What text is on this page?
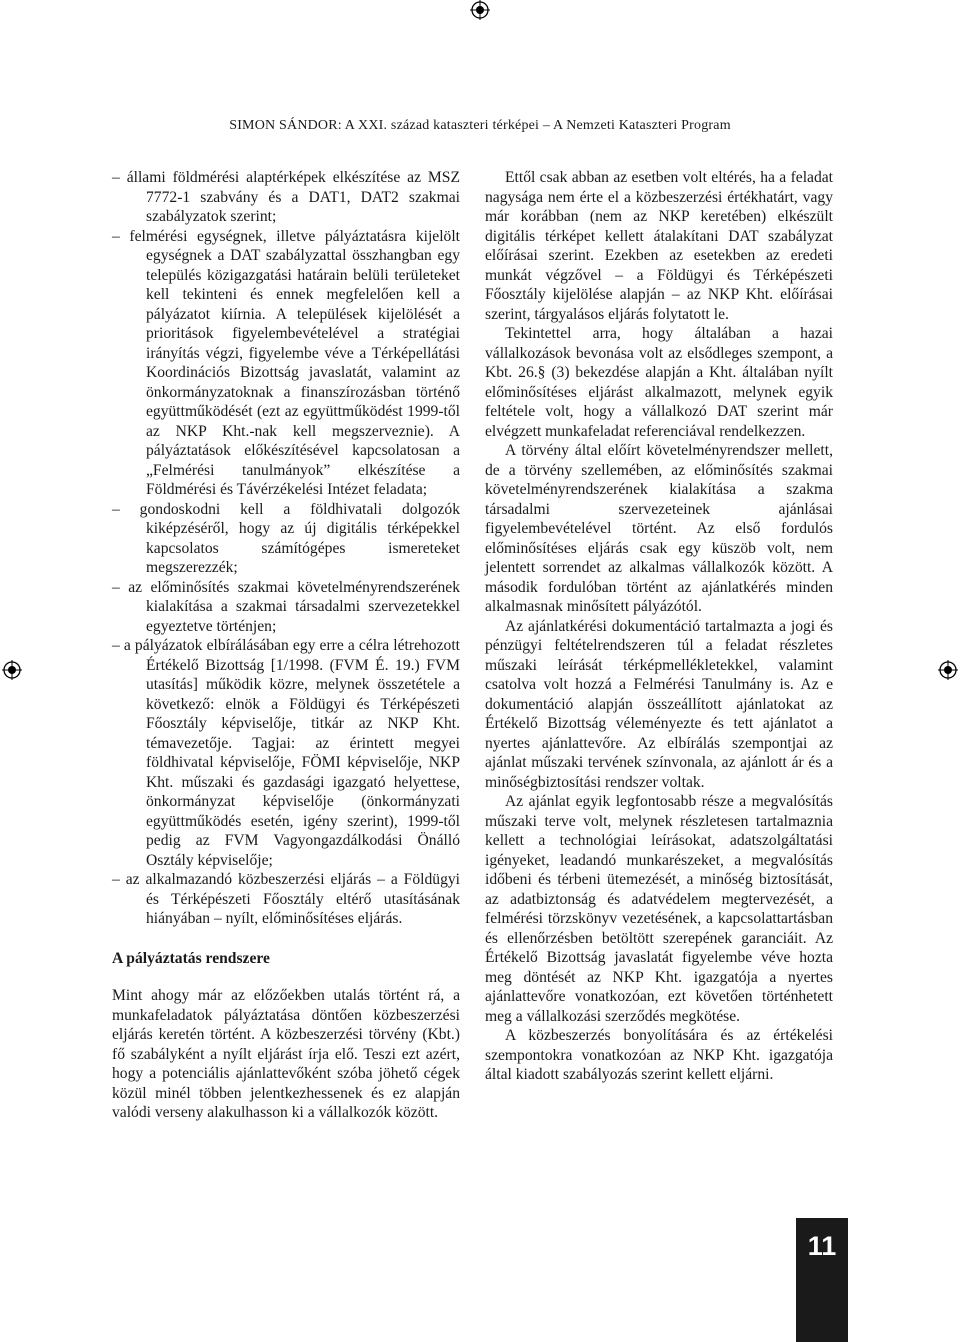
SIMON SÁNDOR: A XXI. század kataszteri térképei – A Nemzeti Kataszteri Program

– állami földmérési alaptérképek elkészítése az MSZ 7772-1 szabvány és a DAT1, DAT2 szakmai szabályzatok szerint;

– felmérési egységnek, illetve pályáztatásra kijelölt egységnek a DAT szabályzattal összhangban egy település közigazgatási határain belüli területeket kell tekinteni és ennek megfelelően kell a pályázatot kiírnia. A települések kijelölését a prioritások figyelembevételével a stratégiai irányítás végzi, figyelembe véve a Térképellátási Koordinációs Bizottság javaslatát, valamint az önkormányzatoknak a finanszírozásban történő együttműködését (ezt az együttműködést 1999-től az NKP Kht.-nak kell megszerveznie). A pályáztatások előkészítésével kapcsolatosan a „Felmérési tanulmányok” elkészítése a Földmérési és Távérzékelési Intézet feladata;

– gondoskodni kell a földhivatali dolgozók kiképzéséről, hogy az új digitális térképekkel kapcsolatos számítógépes ismereteket megszerezzék;

– az előminősítés szakmai követelményrendszerének kialakítása a szakmai társadalmi szervezetekkel egyeztetve történjen;

– a pályázatok elbírálásában egy erre a célra létrehozott Értékelő Bizottság [1/1998. (FVM É. 19.) FVM utasítás] működik közre, melynek összetétele a következő: elnök a Földügyi és Térképészeti Főosztály képviselője, titkár az NKP Kht. témavezetője. Tagjai: az érintett megyei földhivatal képviselője, FÖMI képviselője, NKP Kht. műszaki és gazdasági igazgató helyettese, önkormányzat képviselője (önkormányzati együttműködés esetén, igény szerint), 1999-től pedig az FVM Vagyongazdálkodási Önálló Osztály képviselője;

– az alkalmazandó közbeszerzési eljárás – a Földügyi és Térképészeti Főosztály eltérő utasításának hiányában – nyílt, előminősítéses eljárás.

A pályáztatás rendszere

Mint ahogy már az előzőekben utalás történt rá, a munkafeladatok pályáztatása döntően közbeszerzési eljárás keretén történt. A közbeszerzési törvény (Kbt.) fő szabályként a nyílt eljárást írja elő. Teszi ezt azért, hogy a potenciális ajánlattevőként szóba jöhető cégek közül minél többen jelentkezhessenek és ez alapján valódi verseny alakulhasson ki a vállalkozók között.

Ettől csak abban az esetben volt eltérés, ha a feladat nagysága nem érte el a közbeszerzési értékhatárt, vagy már korábban (nem az NKP keretében) elkészült digitális térképet kellett átalakítani DAT szabályzat előírásai szerint. Ezekben az esetekben az eredeti munkát végzővel – a Földügyi és Térképészeti Főosztály kijelölése alapján – az NKP Kht. előírásai szerint, tárgyalásos eljárás folytatott le.

Tekintettel arra, hogy általában a hazai vállalkozások bevonása volt az elsődleges szempont, a Kbt. 26.§ (3) bekezdése alapján a Kht. általában nyílt előminősítéses eljárást alkalmazott, melynek egyik feltétele volt, hogy a vállalkozó DAT szerint már elvégzett munkafeladat referenciával rendelkezzen.

A törvény által előírt követelményrendszer mellett, de a törvény szellemében, az előminősítés szakmai követelményrendszerének kialakítása a szakma társadalmi szervezeteinek ajánlásai figyelembevételével történt. Az első fordulós előminősítéses eljárás csak egy küszöb volt, nem jelentett sorrendet az alkalmas vállalkozók között. A második fordulóban történt az ajánlatkérés minden alkalmasnak minősített pályázótól.

Az ajánlatkérési dokumentáció tartalmazta a jogi és pénzügyi feltételrendszeren túl a feladat részletes műszaki leírását térképmellékletekkel, valamint csatolva volt hozzá a Felmérési Tanulmány is. Az e dokumentáció alapján összeállított ajánlatokat az Értékelő Bizottság véleményezte és tett ajánlatot a nyertes ajánlattevőre. Az elbírálás szempontjai az ajánlat műszaki tervének színvonala, az ajánlott ár és a minőségbiztosítási rendszer voltak.

Az ajánlat egyik legfontosabb része a megvalósítás műszaki terve volt, melynek részletesen tartalmaznia kellett a technológiai leírásokat, adatszolgáltatási igényeket, leadandó munkarészeket, a megvalósítás időbeni és térbeni ütemezését, a minőség biztosítását, az adatbiztonság és adatvédelem megtervezését, a felmérési törzskönyv vezetésének, a kapcsolattartásban és ellenőrzésben betöltött szerepének garanciáit. Az Értékelő Bizottság javaslatát figyelembe véve hozta meg döntését az NKP Kht. igazgatója a nyertes ajánlattevőre vonatkozóan, ezt követően történhetett meg a vállalkozási szerződés megkötése.

A közbeszerzés bonyolítására és az értékelési szempontokra vonatkozóan az NKP Kht. igazgatója által kiadott szabályozás szerint kellett eljárni.

11
